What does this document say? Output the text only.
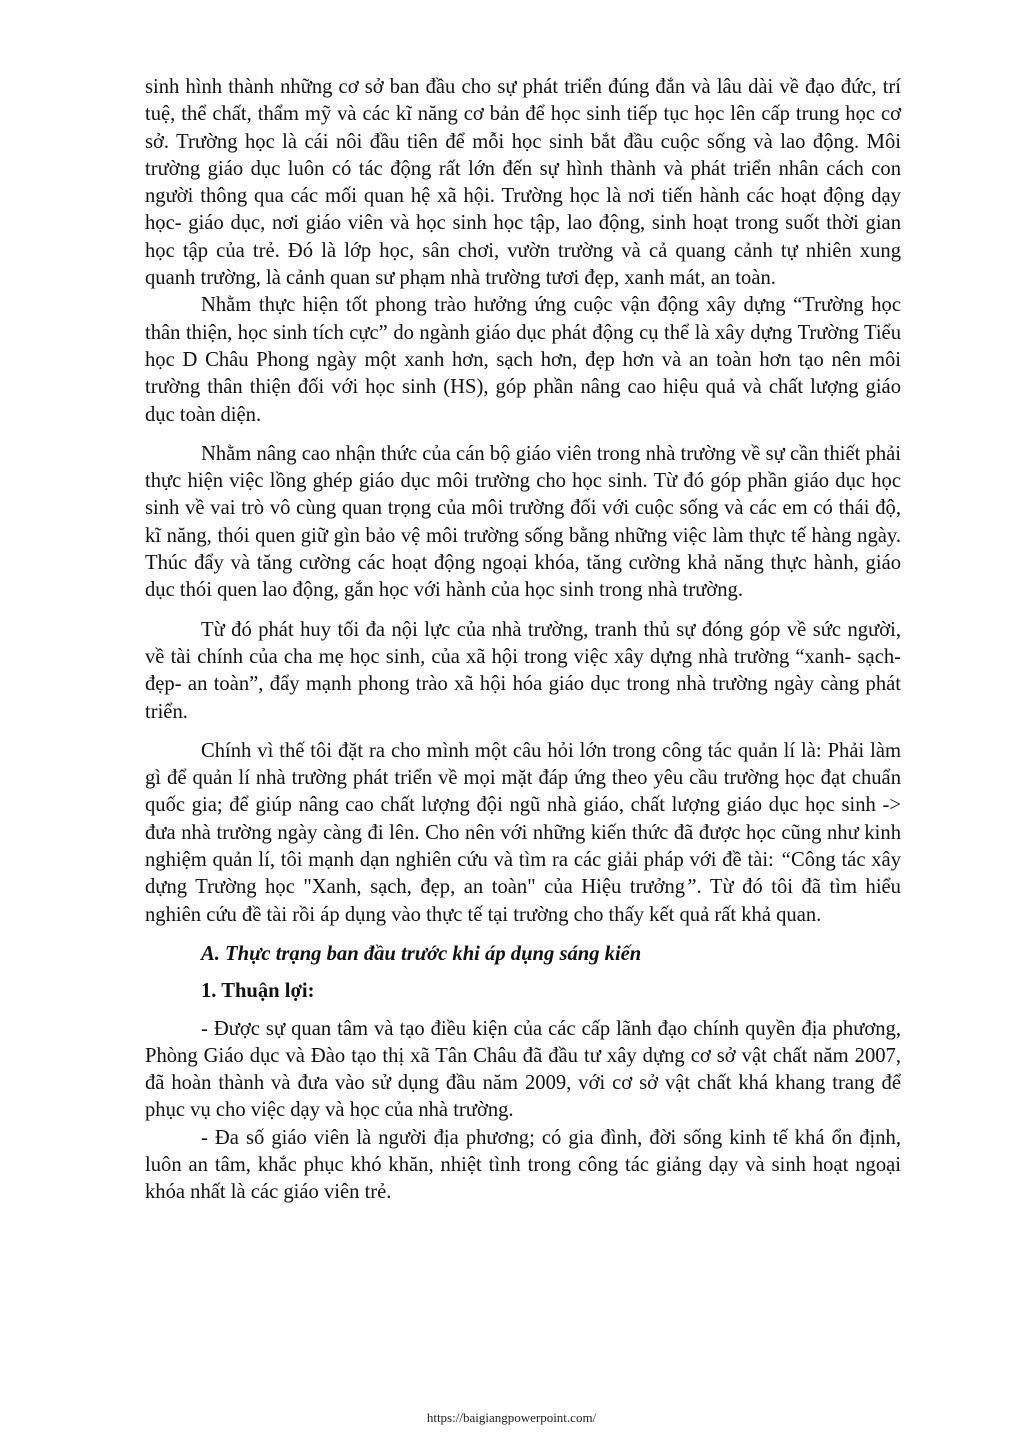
sinh hình thành những cơ sở ban đầu cho sự phát triển đúng đắn và lâu dài về đạo đức, trí tuệ, thể chất, thẩm mỹ và các kĩ năng cơ bản để học sinh tiếp tục học lên cấp trung học cơ sở. Trường học là cái nôi đầu tiên để mỗi học sinh bắt đầu cuộc sống và lao động. Môi trường giáo dục luôn có tác động rất lớn đến sự hình thành và phát triển nhân cách con người thông qua các mối quan hệ xã hội. Trường học là nơi tiến hành các hoạt động dạy học- giáo dục, nơi giáo viên và học sinh học tập, lao động, sinh hoạt trong suốt thời gian học tập của trẻ. Đó là lớp học, sân chơi, vườn trường và cả quang cảnh tự nhiên xung quanh trường, là cảnh quan sư phạm nhà trường tươi đẹp, xanh mát, an toàn.

Nhằm thực hiện tốt phong trào hưởng ứng cuộc vận động xây dựng “Trường học thân thiện, học sinh tích cực” do ngành giáo dục phát động cụ thể là xây dựng Trường Tiểu học D Châu Phong ngày một xanh hơn, sạch hơn, đẹp hơn và an toàn hơn tạo nên môi trường thân thiện đối với học sinh (HS), góp phần nâng cao hiệu quả và chất lượng giáo dục toàn diện.

Nhằm nâng cao nhận thức của cán bộ giáo viên trong nhà trường về sự cần thiết phải thực hiện việc lồng ghép giáo dục môi trường cho học sinh. Từ đó góp phần giáo dục học sinh về vai trò vô cùng quan trọng của môi trường đối với cuộc sống và các em có thái độ, kĩ năng, thói quen giữ gìn bảo vệ môi trường sống bằng những việc làm thực tế hàng ngày. Thúc đẩy và tăng cường các hoạt động ngoại khóa, tăng cường khả năng thực hành, giáo dục thói quen lao động, gắn học với hành của học sinh trong nhà trường.

Từ đó phát huy tối đa nội lực của nhà trường, tranh thủ sự đóng góp về sức người, về tài chính của cha mẹ học sinh, của xã hội trong việc xây dựng nhà trường “xanh- sạch- đẹp- an toàn”, đẩy mạnh phong trào xã hội hóa giáo dục trong nhà trường ngày càng phát triển.

Chính vì thế tôi đặt ra cho mình một câu hỏi lớn trong công tác quản lí là: Phải làm gì để quản lí nhà trường phát triển về mọi mặt đáp ứng theo yêu cầu trường học đạt chuẩn quốc gia; để giúp nâng cao chất lượng đội ngũ nhà giáo, chất lượng giáo dục học sinh -> đưa nhà trường ngày càng đi lên. Cho nên với những kiến thức đã được học cũng như kinh nghiệm quản lí, tôi mạnh dạn nghiên cứu và tìm ra các giải pháp với đề tài: “Công tác xây dựng Trường học "Xanh, sạch, đẹp, an toàn" của Hiệu trưởng”. Từ đó tôi đã tìm hiểu nghiên cứu đề tài rồi áp dụng vào thực tế tại trường cho thấy kết quả rất khả quan.

A. Thực trạng ban đầu trước khi áp dụng sáng kiến

1. Thuận lợi:

- Được sự quan tâm và tạo điều kiện của các cấp lãnh đạo chính quyền địa phương, Phòng Giáo dục và Đào tạo thị xã Tân Châu đã đầu tư xây dựng cơ sở vật chất năm 2007, đã hoàn thành và đưa vào sử dụng đầu năm 2009, với cơ sở vật chất khá khang trang để phục vụ cho việc dạy và học của nhà trường.

- Đa số giáo viên là người địa phương; có gia đình, đời sống kinh tế khá ổn định, luôn an tâm, khắc phục khó khăn, nhiệt tình trong công tác giảng dạy và sinh hoạt ngoại khóa nhất là các giáo viên trẻ.

https://baigiangpowerpoint.com/
